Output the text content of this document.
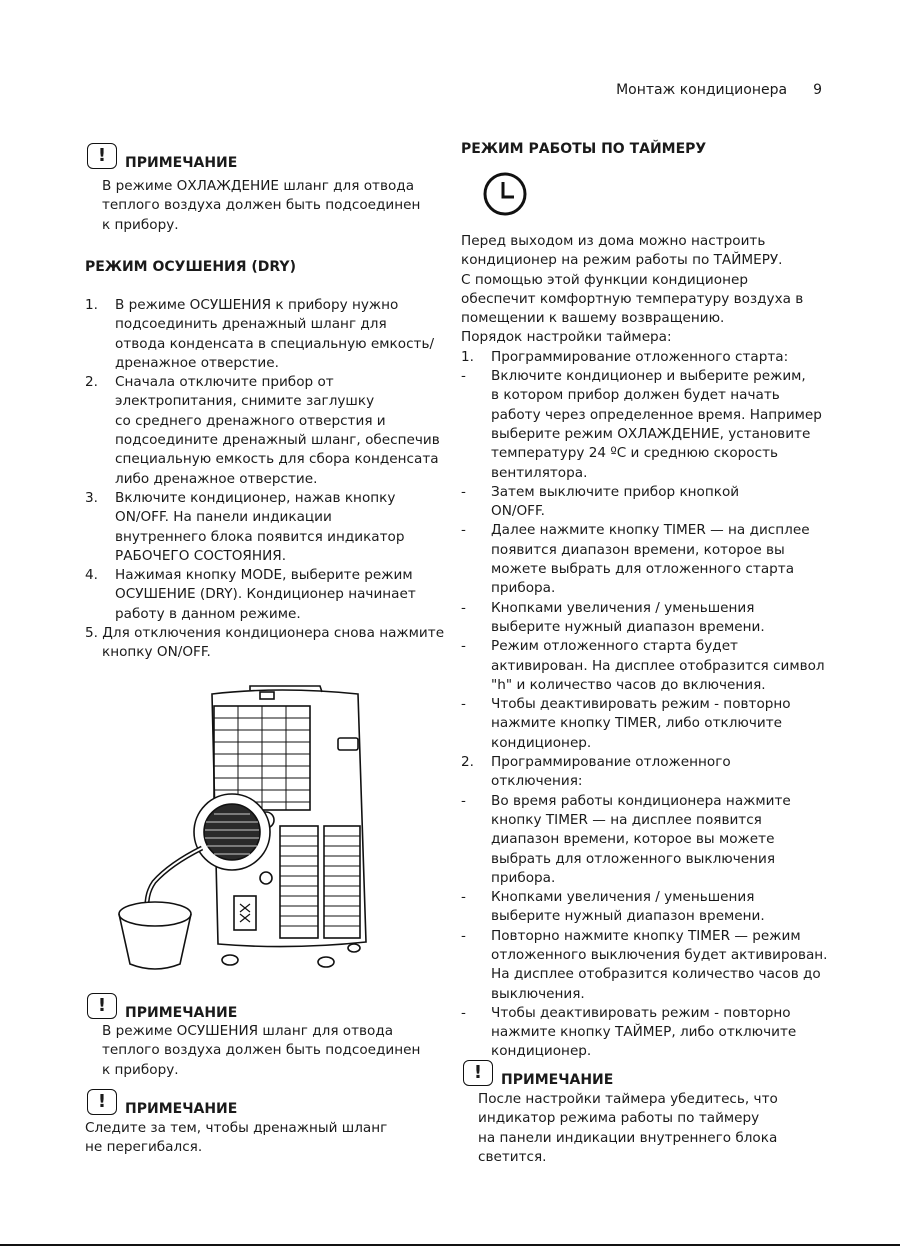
Монтаж кондиционера 9
!	ПРИМЕЧАНИЕ
В режиме ОХЛАЖДЕНИЕ шланг для отвода
теплого воздуха должен быть подсоединен
к прибору.
РЕЖИМ ОСУШЕНИЯ (DRY)
1. В режиме ОСУШЕНИЯ к прибору нужно
подсоединить дренажный шланг для
отвода конденсата в специальную емкость/
дренажное отверстие.
2. Сначала отключите прибор от
электропитания, снимите заглушку
со среднего дренажного отверстия и
подсоедините дренажный шланг, обеспечив
специальную емкость для сбора конденсата
либо дренажное отверстие.
3. Включите кондиционер, нажав кнопку
ON/OFF. На панели индикации
внутреннего блока появится индикатор
РАБОЧЕГО СОСТОЯНИЯ.
4. Нажимая кнопку MODE, выберите режим
ОСУШЕНИЕ (DRY). Кондиционер начинает
работу в данном режиме.
5. Для отключения кондиционера снова нажмите
кнопку ON/OFF.
!	ПРИМЕЧАНИЕ
В режиме ОСУШЕНИЯ шланг для отвода
теплого воздуха должен быть подсоединен
к прибору.
!	ПРИМЕЧАНИЕ
Следите за тем, чтобы дренажный шланг
не перегибался.
РЕЖИМ РАБОТЫ ПО ТАЙМЕРУ
Перед выходом из дома можно настроить
кондиционер на режим работы по ТАЙМЕРУ.
С помощью этой функции кондиционер
обеспечит комфортную температуру воздуха в
помещении к вашему возвращению.
Порядок настройки таймера:
1. Программирование отложенного старта:
- Включите кондиционер и выберите режим,
в котором прибор должен будет начать
работу через определенное время. Например
выберите режим ОХЛАЖДЕНИЕ, установите
температуру 24 ºC и среднюю скорость
вентилятора.
- Затем выключите прибор кнопкой
ON/OFF.
- Далее нажмите кнопку TIMER — на дисплее
появится диапазон времени, которое вы
можете выбрать для отложенного старта
прибора.
- Кнопками увеличения / уменьшения
выберите нужный диапазон времени.
- Режим отложенного старта будет
активирован. На дисплее отобразится символ
"h" и количество часов до включения.
- Чтобы деактивировать режим - повторно
нажмите кнопку TIMER, либо отключите
кондиционер.
2. Программирование отложенного
отключения:
- Во время работы кондиционера нажмите
кнопку TIMER — на дисплее появится
диапазон времени, которое вы можете
выбрать для отложенного выключения
прибора.
- Кнопками увеличения / уменьшения
выберите нужный диапазон времени.
- Повторно нажмите кнопку TIMER — режим
отложенного выключения будет активирован.
На дисплее отобразится количество часов до
выключения.
- Чтобы деактивировать режим - повторно
нажмите кнопку ТАЙМЕР, либо отключите
кондиционер.
!	ПРИМЕЧАНИЕ
После настройки таймера убедитесь, что
индикатор режима работы по таймеру
на панели индикации внутреннего блока
светится.
